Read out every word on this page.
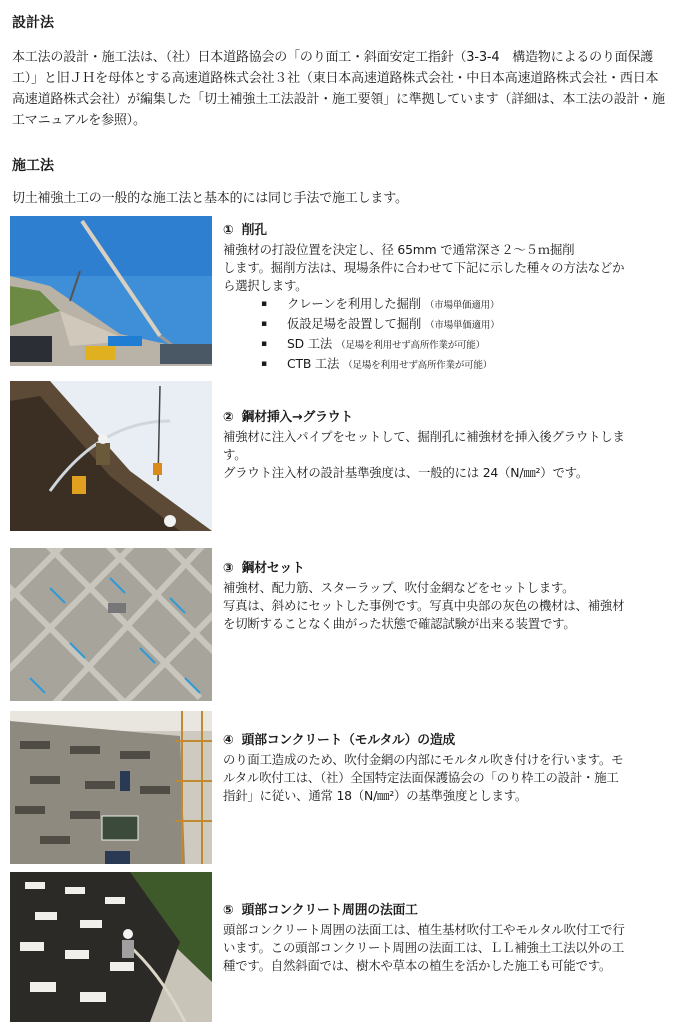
設計法

本工法の設計・施工法は、（社）日本道路協会の「のり面工・斜面安定工指針（3-3-4　構造物によるのり面保護工）」と旧ＪＨを母体とする高速道路株式会社３社（東日本高速道路株式会社・中日本高速道路株式会社・西日本高速道路株式会社）が編集した「切土補強土工法設計・施工要領」に準拠しています（詳細は、本工法の設計・施工マニュアルを参照）。

施工法

切土補強土工の一般的な施工法と基本的には同じ手法で施工します。

① 削孔
補強材の打設位置を決定し、径 65mm で通常深さ２～５ｍ掘削
します。掘削方法は、現場条件に合わせて下記に示した種々の方法などか
ら選択します。
▪ クレーンを利用した掘削 （市場単価適用）
▪ 仮設足場を設置して掘削 （市場単価適用）
▪ SD 工法 （足場を利用せず高所作業が可能）
▪ CTB 工法 （足場を利用せず高所作業が可能）
② 鋼材挿入→グラウト
補強材に注入パイプをセットして、掘削孔に補強材を挿入後グラウトしま
す。
グラウト注入材の設計基準強度は、一般的には 24（N/㎜²）です。
③ 鋼材セット
補強材、配力筋、スターラップ、吹付金網などをセットします。
写真は、斜めにセットした事例です。写真中央部の灰色の機材は、補強材
を切断することなく曲がった状態で確認試験が出来る装置です。
④ 頭部コンクリート（モルタル）の造成
のり面工造成のため、吹付金網の内部にモルタル吹き付けを行います。モ
ルタル吹付工は、（社）全国特定法面保護協会の「のり枠工の設計・施工
指針」に従い、通常 18（N/㎜²）の基準強度とします。
⑤ 頭部コンクリート周囲の法面工
頭部コンクリート周囲の法面工は、植生基材吹付工やモルタル吹付工で行
います。この頭部コンクリート周囲の法面工は、ＬＬ補強土工法以外の工
種です。自然斜面では、樹木や草本の植生を活かした施工も可能です。
